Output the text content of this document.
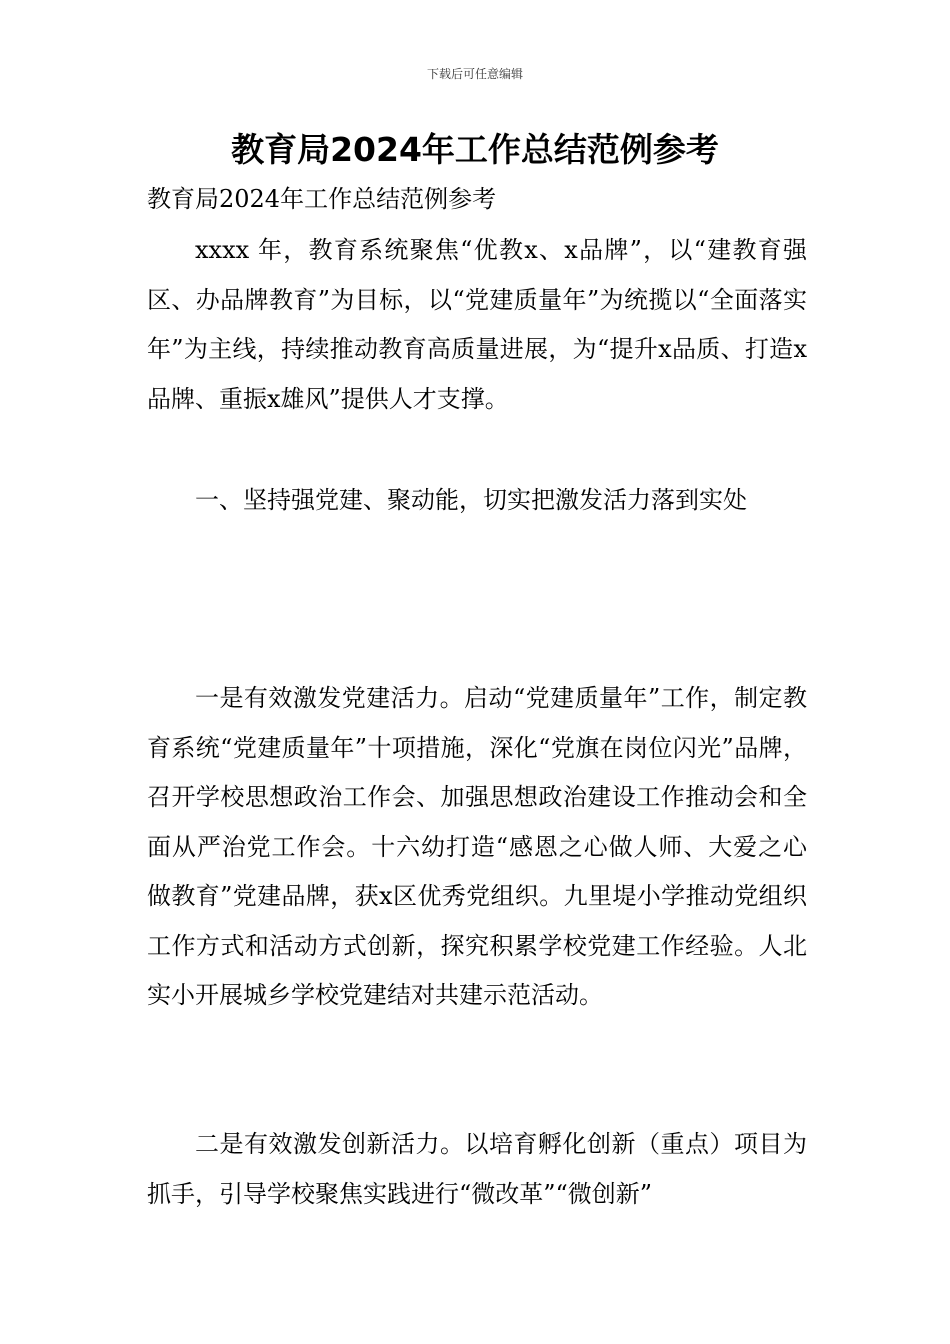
下载后可任意编辑
教育局2024年工作总结范例参考
教育局2024年工作总结范例参考

xxxx 年，教育系统聚焦“优教x、x品牌”，以“建教育强区、办品牌教育”为目标，以“党建质量年”为统揽以“全面落实年”为主线，持续推动教育高质量进展，为“提升x品质、打造x品牌、重振x雄风”提供人才支撑。

一、坚持强党建、聚动能，切实把激发活力落到实处

一是有效激发党建活力。启动“党建质量年”工作，制定教育系统“党建质量年”十项措施，深化“党旗在岗位闪光”品牌，召开学校思想政治工作会、加强思想政治建设工作推动会和全面从严治党工作会。十六幼打造“感恩之心做人师、大爱之心做教育”党建品牌，获x区优秀党组织。九里堤小学推动党组织工作方式和活动方式创新，探究积累学校党建工作经验。人北实小开展城乡学校党建结对共建示范活动。

二是有效激发创新活力。以培育孵化创新（重点）项目为抓手，引导学校聚焦实践进行“微改革”“微创新”
